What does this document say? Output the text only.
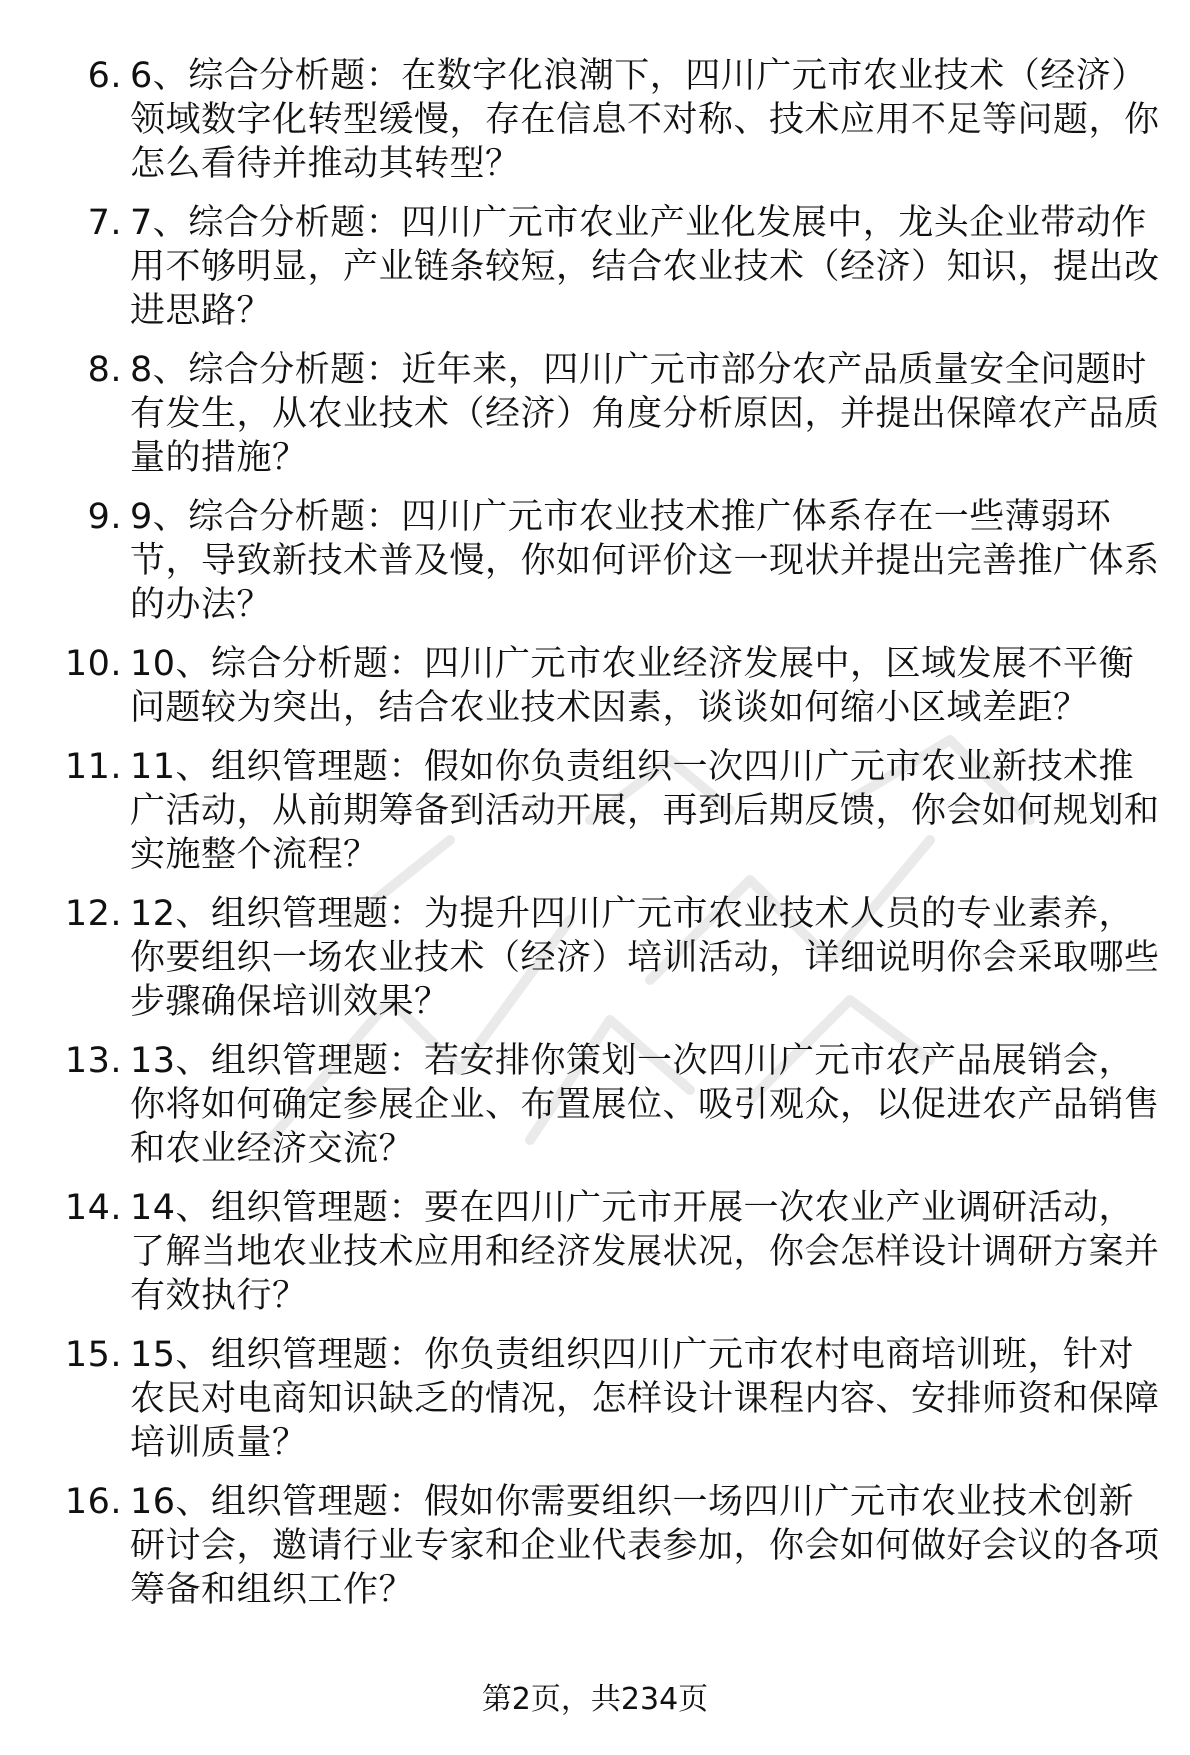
6. 6、综合分析题：在数字化浪潮下，四川广元市农业技术（经济）领域数字化转型缓慢，存在信息不对称、技术应用不足等问题，你怎么看待并推动其转型？
7. 7、综合分析题：四川广元市农业产业化发展中，龙头企业带动作用不够明显，产业链条较短，结合农业技术（经济）知识，提出改进思路？
8. 8、综合分析题：近年来，四川广元市部分农产品质量安全问题时有发生，从农业技术（经济）角度分析原因，并提出保障农产品质量的措施？
9. 9、综合分析题：四川广元市农业技术推广体系存在一些薄弱环节，导致新技术普及慢，你如何评价这一现状并提出完善推广体系的办法？
10. 10、综合分析题：四川广元市农业经济发展中，区域发展不平衡问题较为突出，结合农业技术因素，谈谈如何缩小区域差距？
11. 11、组织管理题：假如你负责组织一次四川广元市农业新技术推广活动，从前期筹备到活动开展，再到后期反馈，你会如何规划和实施整个流程？
12. 12、组织管理题：为提升四川广元市农业技术人员的专业素养，你要组织一场农业技术（经济）培训活动，详细说明你会采取哪些步骤确保培训效果？
13. 13、组织管理题：若安排你策划一次四川广元市农产品展销会，你将如何确定参展企业、布置展位、吸引观众，以促进农产品销售和农业经济交流？
14. 14、组织管理题：要在四川广元市开展一次农业产业调研活动，了解当地农业技术应用和经济发展状况，你会怎样设计调研方案并有效执行？
15. 15、组织管理题：你负责组织四川广元市农村电商培训班，针对农民对电商知识缺乏的情况，怎样设计课程内容、安排师资和保障培训质量？
16. 16、组织管理题：假如你需要组织一场四川广元市农业技术创新研讨会，邀请行业专家和企业代表参加，你会如何做好会议的各项筹备和组织工作？
第2页，共234页
